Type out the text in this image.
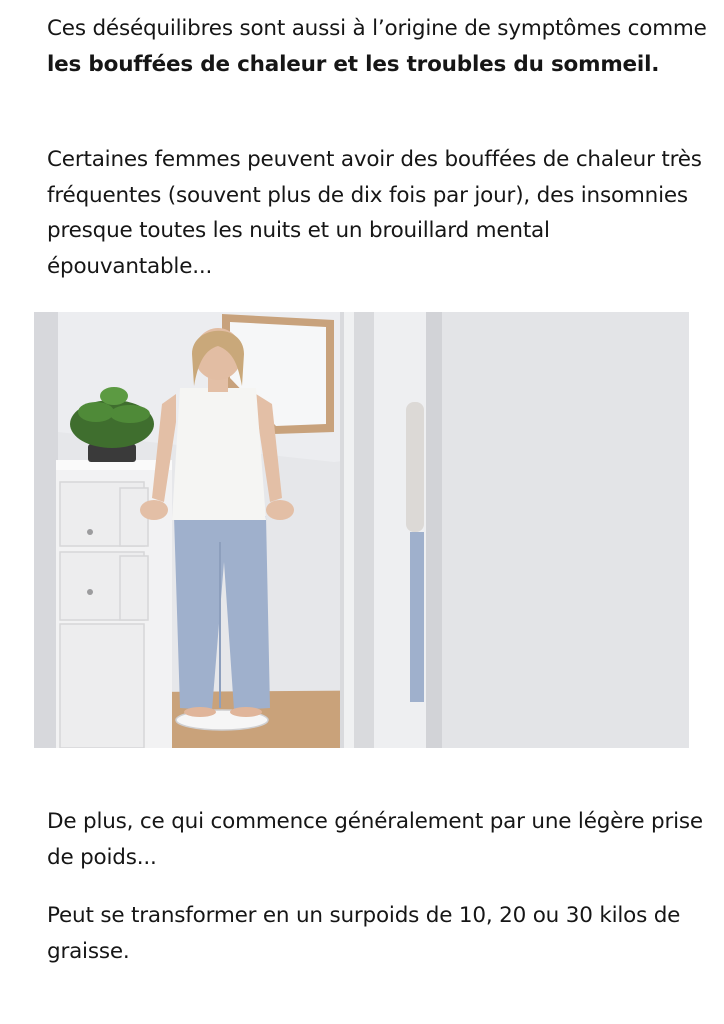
Ces déséquilibres sont aussi à l’origine de symptômes comme les bouffées de chaleur et les troubles du sommeil.

Certaines femmes peuvent avoir des bouffées de chaleur très fréquentes (souvent plus de dix fois par jour), des insomnies presque toutes les nuits et un brouillard mental épouvantable...

De plus, ce qui commence généralement par une légère prise de poids...

Peut se transformer en un surpoids de 10, 20 ou 30 kilos de graisse.
